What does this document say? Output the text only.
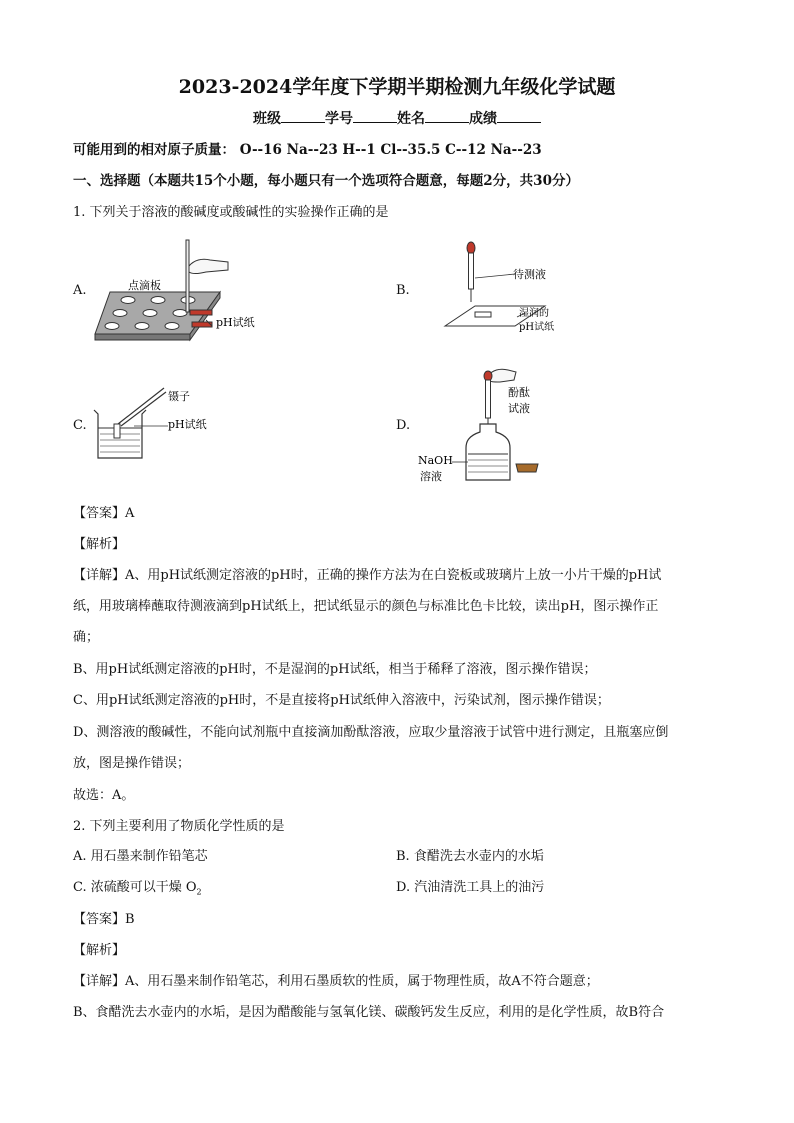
2023-2024学年度下学期半期检测九年级化学试题
班级	学号	姓名	成绩
可能用到的相对原子质量： O--16 Na--23 H--1 Cl--35.5 C--12 Na--23
一、选择题（本题共15个小题，每小题只有一个选项符合题意，每题2分，共30分）
1. 下列关于溶液的酸碱度或酸碱性的实验操作正确的是
A.	点滴板
pH试纸
B.
待测液
湿润的
pH试纸
C.
镊子
pH试纸	D.
酚酞
试液
NaOH
溶液
【答案】A
【解析】
【详解】A、用pH试纸测定溶液的pH时，正确的操作方法为在白瓷板或玻璃片上放一小片干燥的pH试
纸，用玻璃棒蘸取待测液滴到pH试纸上，把试纸显示的颜色与标准比色卡比较，读出pH，图示操作正
确；
B、用pH试纸测定溶液的pH时，不是湿润的pH试纸，相当于稀释了溶液，图示操作错误；
C、用pH试纸测定溶液的pH时，不是直接将pH试纸伸入溶液中，污染试剂，图示操作错误；
D、测溶液的酸碱性，不能向试剂瓶中直接滴加酚酞溶液，应取少量溶液于试管中进行测定，且瓶塞应倒
放，图是操作错误；
故选：A。
2. 下列主要利用了物质化学性质的是
A. 用石墨来制作铅笔芯	B. 食醋洗去水壶内的水垢
C. 浓硫酸可以干燥 $O_2$	D. 汽油清洗工具上的油污
【答案】B
【解析】
【详解】A、用石墨来制作铅笔芯，利用石墨质软的性质，属于物理性质，故A不符合题意；
B、食醋洗去水壶内的水垢，是因为醋酸能与氢氧化镁、碳酸钙发生反应，利用的是化学性质，故B符合
